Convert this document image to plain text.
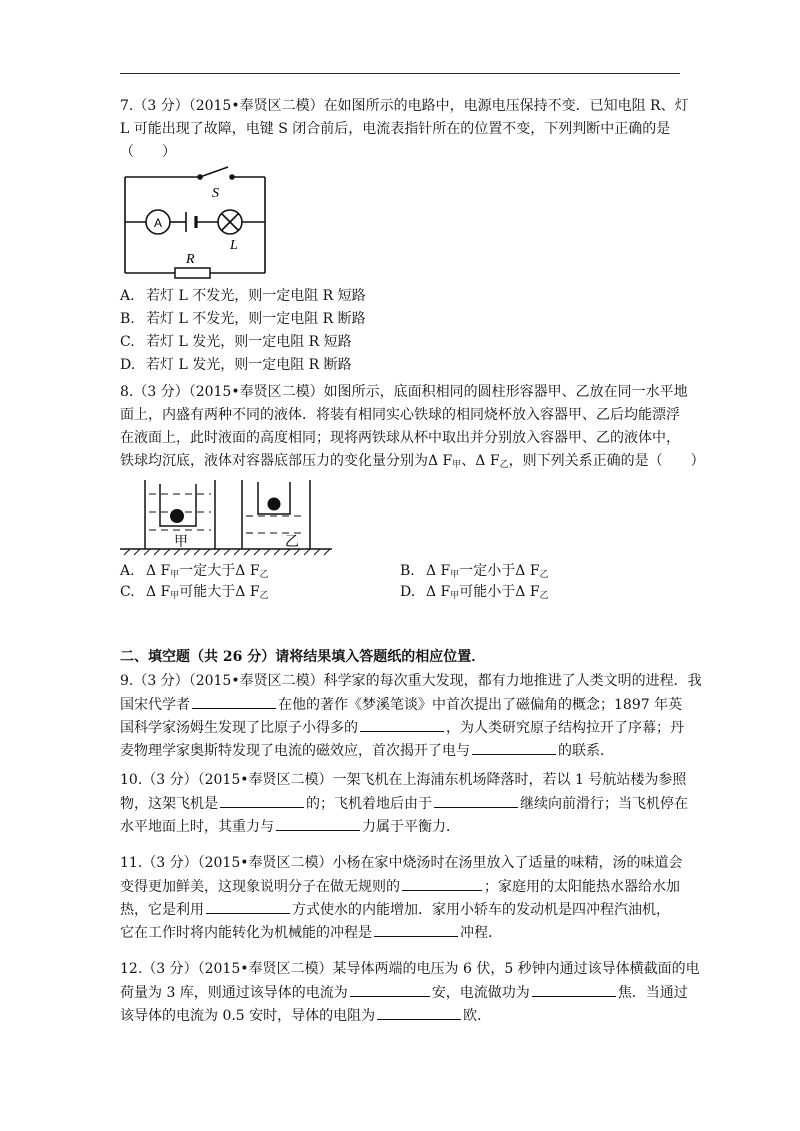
7.（3 分）（2015•奉贤区二模）在如图所示的电路中，电源电压保持不变．已知电阻 R、灯
L 可能出现了故障，电键 S 闭合前后，电流表指针所在的位置不变，下列判断中正确的是
（　　）
S
A
L
R
A. 若灯 L 不发光，则一定电阻 R 短路
B. 若灯 L 不发光，则一定电阻 R 断路
C. 若灯 L 发光，则一定电阻 R 短路
D. 若灯 L 发光，则一定电阻 R 断路
8.（3 分）（2015•奉贤区二模）如图所示，底面积相同的圆柱形容器甲、乙放在同一水平地
面上，内盛有两种不同的液体．将装有相同实心铁球的相同烧杯放入容器甲、乙后均能漂浮
在液面上，此时液面的高度相同；现将两铁球从杯中取出并分别放入容器甲、乙的液体中，
铁球均沉底，液体对容器底部压力的变化量分别为Δ $F_甲$、Δ $F_乙$，则下列关系正确的是（　　）
甲	乙
A. Δ $F_甲$一定大于Δ $F_乙$	B. Δ $F_甲$一定小于Δ $F_乙$
C. Δ $F_甲$可能大于Δ $F_乙$	D. Δ $F_甲$可能小于Δ $F_乙$
二、填空题（共 26 分）请将结果填入答题纸的相应位置．
9.（3 分）（2015•奉贤区二模）科学家的每次重大发现，都有力地推进了人类文明的进程．我
国宋代学者	在他的著作《梦溪笔谈》中首次提出了磁偏角的概念；1897 年英
国科学家汤姆生发现了比原子小得多的	，为人类研究原子结构拉开了序幕；丹
麦物理学家奥斯特发现了电流的磁效应，首次揭开了电与	的联系．
10.（3 分）（2015•奉贤区二模）一架飞机在上海浦东机场降落时，若以 1 号航站楼为参照
物，这架飞机是	的；飞机着地后由于	继续向前滑行；当飞机停在
水平地面上时，其重力与	力属于平衡力．
11.（3 分）（2015•奉贤区二模）小杨在家中烧汤时在汤里放入了适量的味精，汤的味道会
变得更加鲜美，这现象说明分子在做无规则的	；家庭用的太阳能热水器给水加
热，它是利用	方式使水的内能增加．家用小轿车的发动机是四冲程汽油机，
它在工作时将内能转化为机械能的冲程是	冲程．
12.（3 分）（2015•奉贤区二模）某导体两端的电压为 6 伏，5 秒钟内通过该导体横截面的电
荷量为 3 库，则通过该导体的电流为	安，电流做功为	焦．当通过
该导体的电流为 0.5 安时，导体的电阻为	欧．
